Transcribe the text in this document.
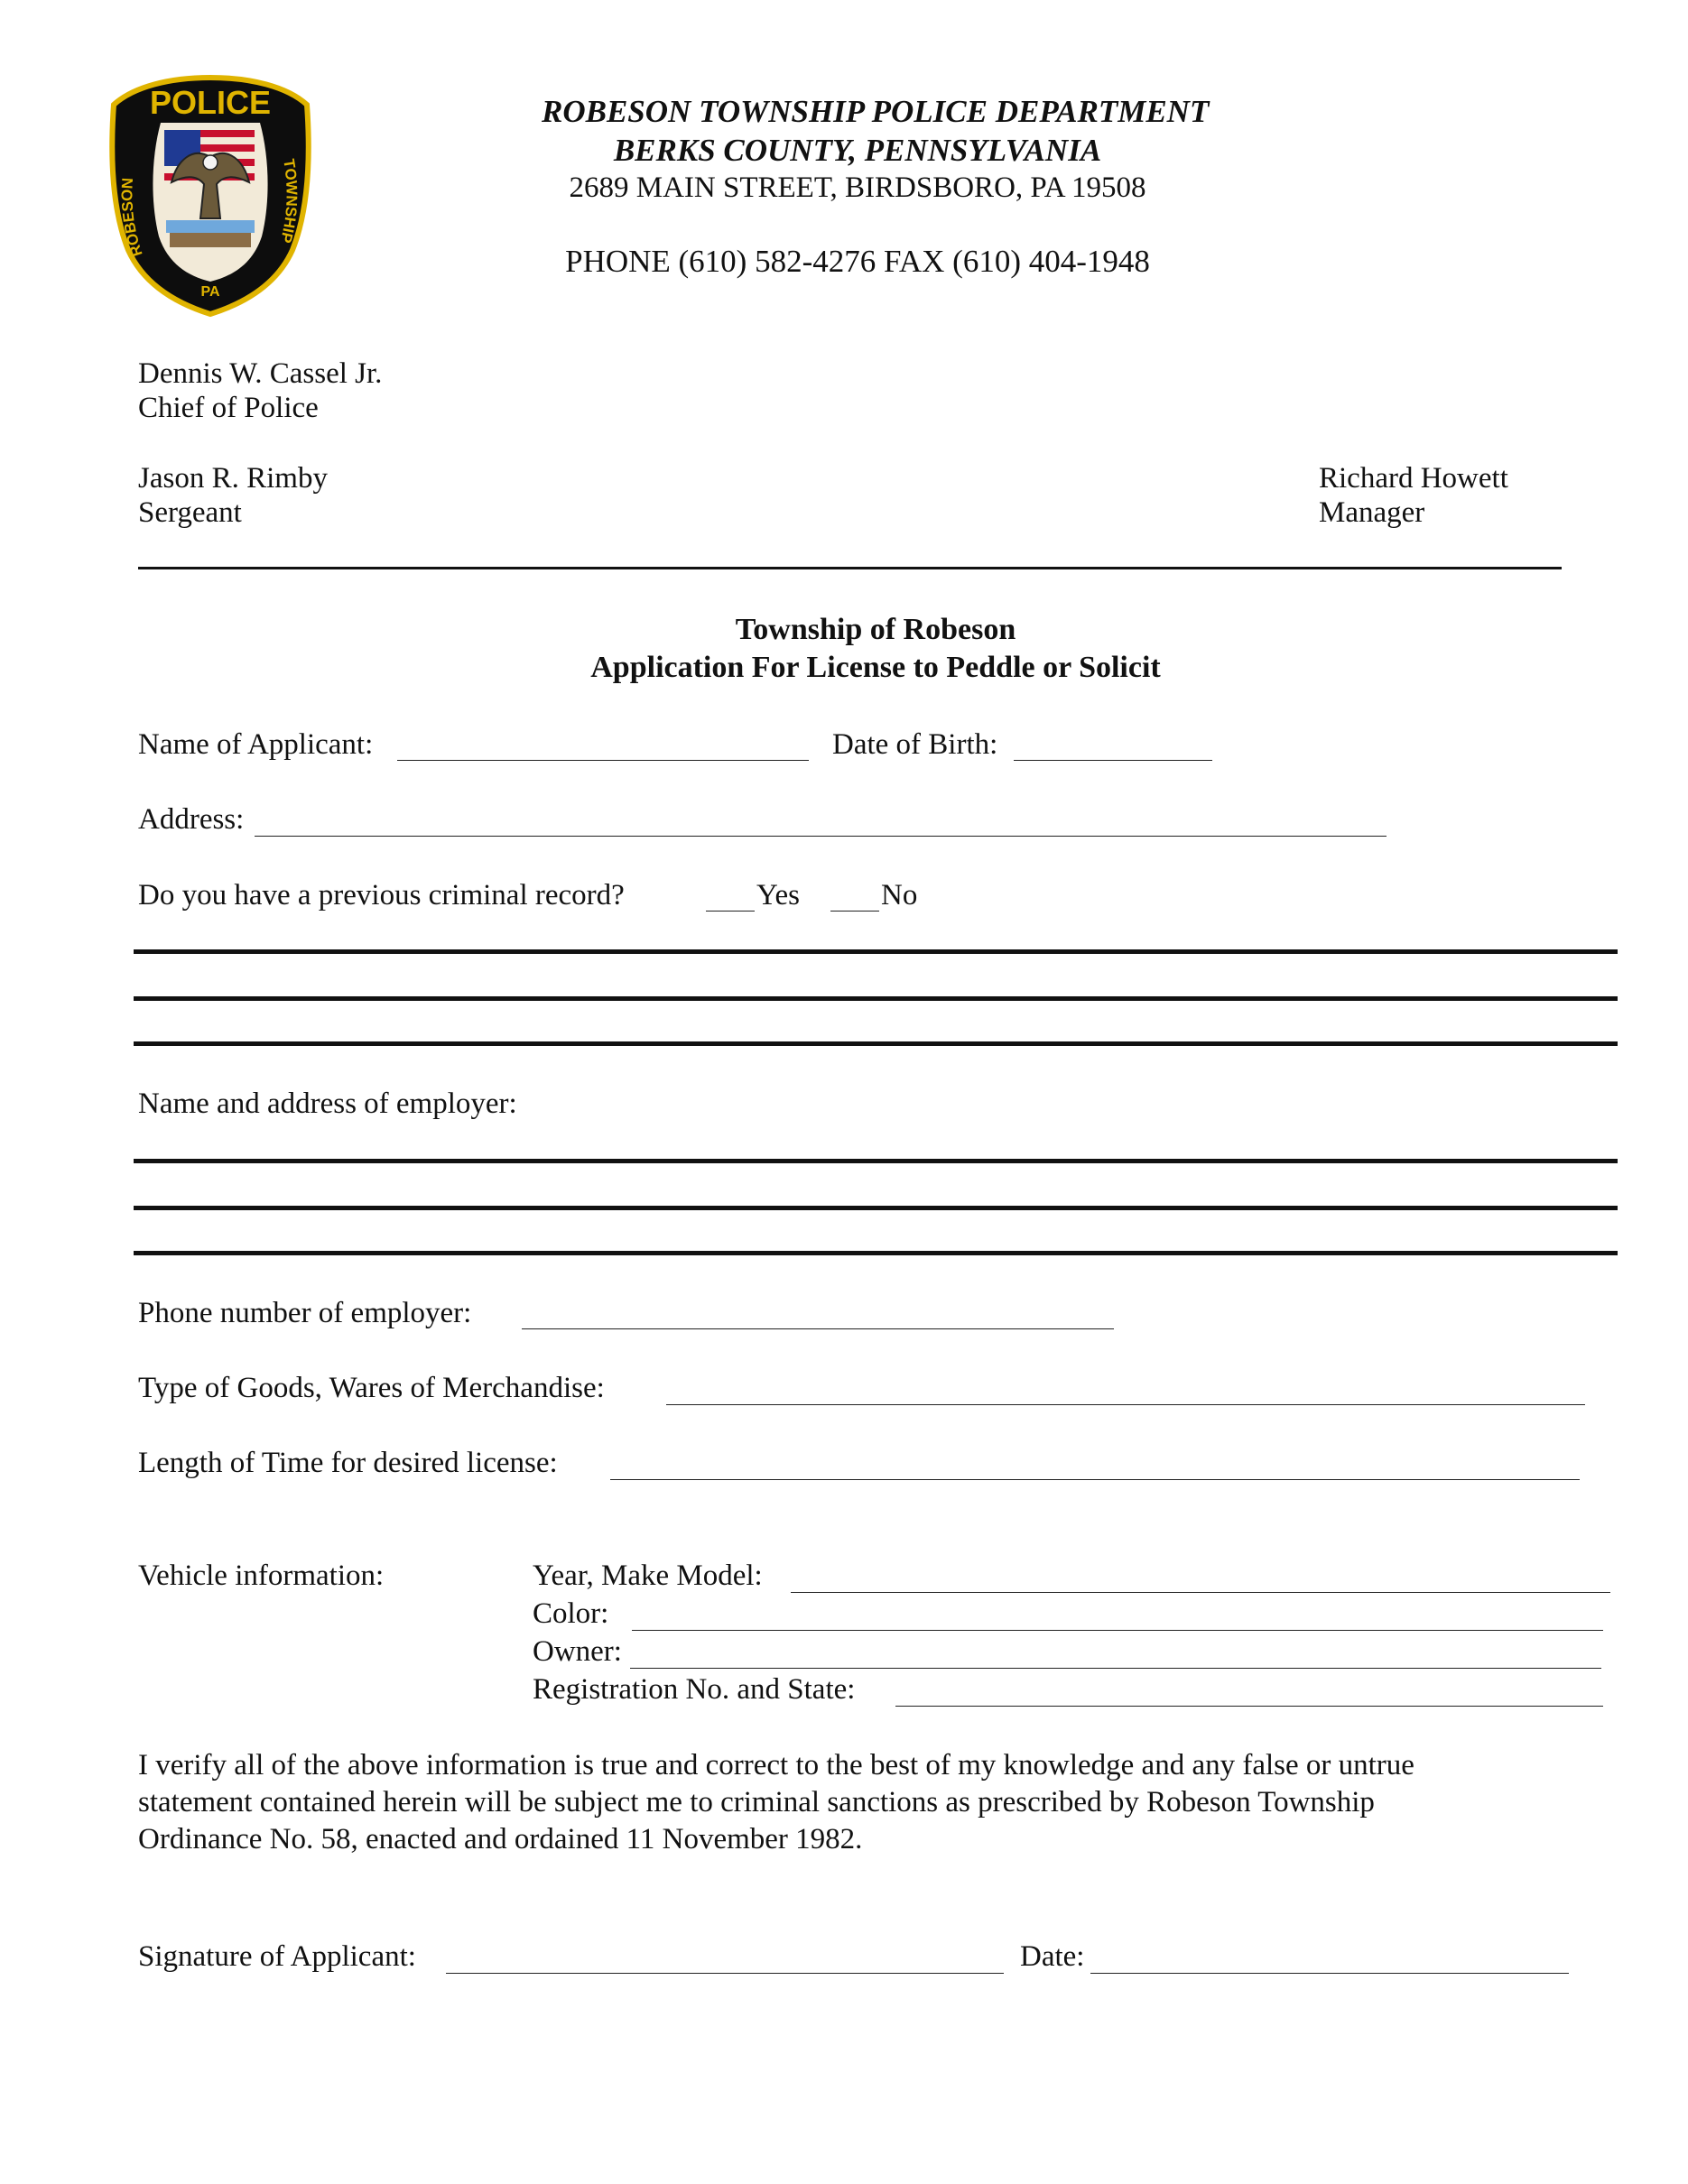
POLICE
ROBESON
TOWNSHIP
PA
ROBESON TOWNSHIP POLICE DEPARTMENT
BERKS COUNTY, PENNSYLVANIA
2689 MAIN STREET, BIRDSBORO, PA 19508
PHONE (610) 582-4276 FAX (610) 404-1948
Dennis W. Cassel Jr.
Chief of Police
Jason R. Rimby
Sergeant
Richard Howett
Manager
Township of Robeson
Application For License to Peddle or Solicit
Name of Applicant:	Date of Birth:
Address:
Do you have a previous criminal record?	Yes	No
Name and address of employer:
Phone number of employer:
Type of Goods, Wares of Merchandise:
Length of Time for desired license:
Vehicle information:	Year, Make Model:
Color:
Owner:
Registration No. and State:
I verify all of the above information is true and correct to the best of my knowledge and any false or untrue
statement contained herein will be subject me to criminal sanctions as prescribed by Robeson Township
Ordinance No. 58, enacted and ordained 11 November 1982.
Signature of Applicant:	Date:
